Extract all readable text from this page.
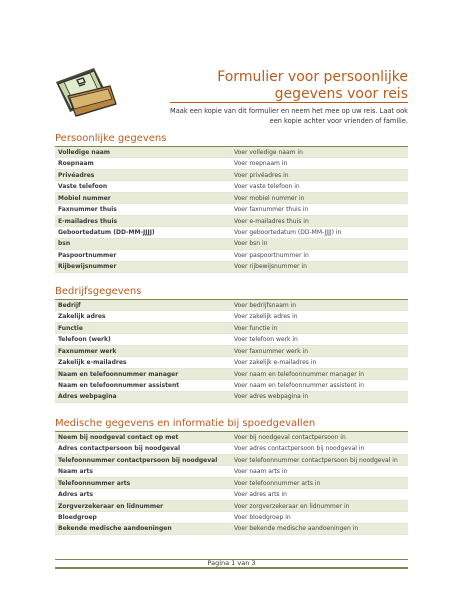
Formulier voor persoonlijke gegevens voor reis
Maak een kopie van dit formulier en neem het mee op uw reis. Laat ook een kopie achter voor vrienden of familie.
Persoonlijke gegevens
Volledige naam	Voer volledige naam in
Roepnaam	Voer roepnaam in
Privéadres	Voer privéadres in
Vaste telefoon	Voer vaste telefoon in
Mobiel nummer	Voer mobiel nummer in
Faxnummer thuis	Voer faxnummer thuis in
E-mailadres thuis	Voer e-mailadres thuis in
Geboortedatum (DD-MM-JJJJ)	Voer geboortedatum (DD-MM-JJJJ) in
bsn	Voer bsn in
Paspoortnummer	Voer paspoortnummer in
Rijbewijsnummer	Voer rijbewijsnummer in
Bedrijfsgegevens
Bedrijf	Voer bedrijfsnaam in
Zakelijk adres	Voer zakelijk adres in
Functie	Voer functie in
Telefoon (werk)	Voer telefoon werk in
Faxnummer werk	Voer faxnummer werk in
Zakelijk e-mailadres	Voer zakelijk e-mailadres in
Naam en telefoonnummer manager	Voer naam en telefoonnummer manager in
Naam en telefoonnummer assistent	Voer naam en telefoonnummer assistent in
Adres webpagina	Voer adres webpagina in
Medische gegevens en informatie bij spoedgevallen
Neem bij noodgeval contact op met	Voer bij noodgeval contactpersoon in
Adres contactpersoon bij noodgeval	Voer adres contactpersoon bij noodgeval in
Telefoonnummer contactpersoon bij noodgeval	Voer telefoonnummer contactpersoon bij noodgeval in
Naam arts	Voer naam arts in
Telefoonnummer arts	Voer telefoonnummer arts in
Adres arts	Voer adres arts in
Zorgverzekeraar en lidnummer	Voer zorgverzekeraar en lidnummer in
Bloedgroep	Voer bloedgroep in
Bekende medische aandoeningen	Voer bekende medische aandoeningen in
Pagina 1 van 3
